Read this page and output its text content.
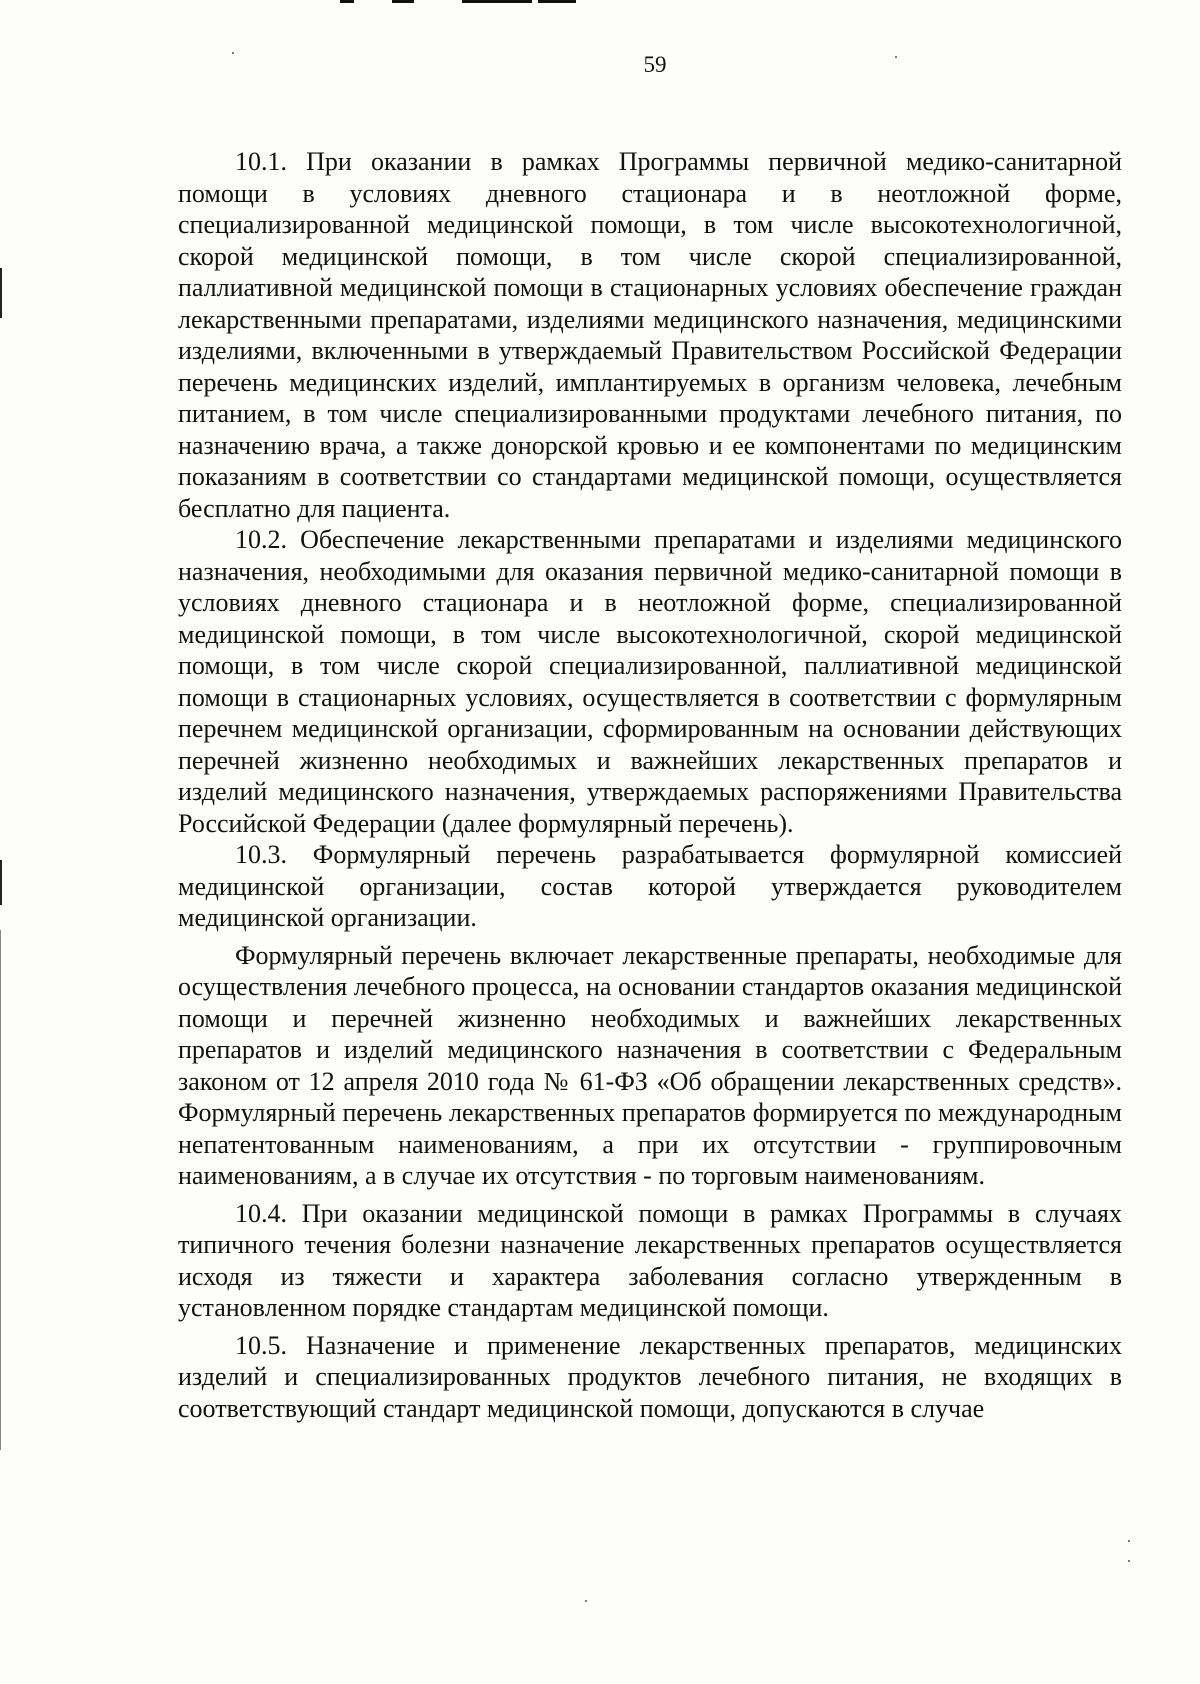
59

10.1. При оказании в рамках Программы первичной медико-санитарной помощи в условиях дневного стационара и в неотложной форме, специализированной медицинской помощи, в том числе высокотехнологичной, скорой медицинской помощи, в том числе скорой специализированной, паллиативной медицинской помощи в стационарных условиях обеспечение граждан лекарственными препаратами, изделиями медицинского назначения, медицинскими изделиями, включенными в утверждаемый Правительством Российской Федерации перечень медицинских изделий, имплантируемых в организм человека, лечебным питанием, в том числе специализированными продуктами лечебного питания, по назначению врача, а также донорской кровью и ее компонентами по медицинским показаниям в соответствии со стандартами медицинской помощи, осуществляется бесплатно для пациента.

10.2. Обеспечение лекарственными препаратами и изделиями медицинского назначения, необходимыми для оказания первичной медико-санитарной помощи в условиях дневного стационара и в неотложной форме, специализированной медицинской помощи, в том числе высокотехнологичной, скорой медицинской помощи, в том числе скорой специализированной, паллиативной медицинской помощи в стационарных условиях, осуществляется в соответствии с формулярным перечнем медицинской организации, сформированным на основании действующих перечней жизненно необходимых и важнейших лекарственных препаратов и изделий медицинского назначения, утверждаемых распоряжениями Правительства Российской Федерации (далее формулярный перечень).

10.3. Формулярный перечень разрабатывается формулярной комиссией медицинской организации, состав которой утверждается руководителем медицинской организации.

Формулярный перечень включает лекарственные препараты, необходимые для осуществления лечебного процесса, на основании стандартов оказания медицинской помощи и перечней жизненно необходимых и важнейших лекарственных препаратов и изделий медицинского назначения в соответствии с Федеральным законом от 12 апреля 2010 года № 61-ФЗ «Об обращении лекарственных средств». Формулярный перечень лекарственных препаратов формируется по международным непатентованным наименованиям, а при их отсутствии - группировочным наименованиям, а в случае их отсутствия - по торговым наименованиям.

10.4. При оказании медицинской помощи в рамках Программы в случаях типичного течения болезни назначение лекарственных препаратов осуществляется исходя из тяжести и характера заболевания согласно утвержденным в установленном порядке стандартам медицинской помощи.

10.5. Назначение и применение лекарственных препаратов, медицинских изделий и специализированных продуктов лечебного питания, не входящих в соответствующий стандарт медицинской помощи, допускаются в случае
